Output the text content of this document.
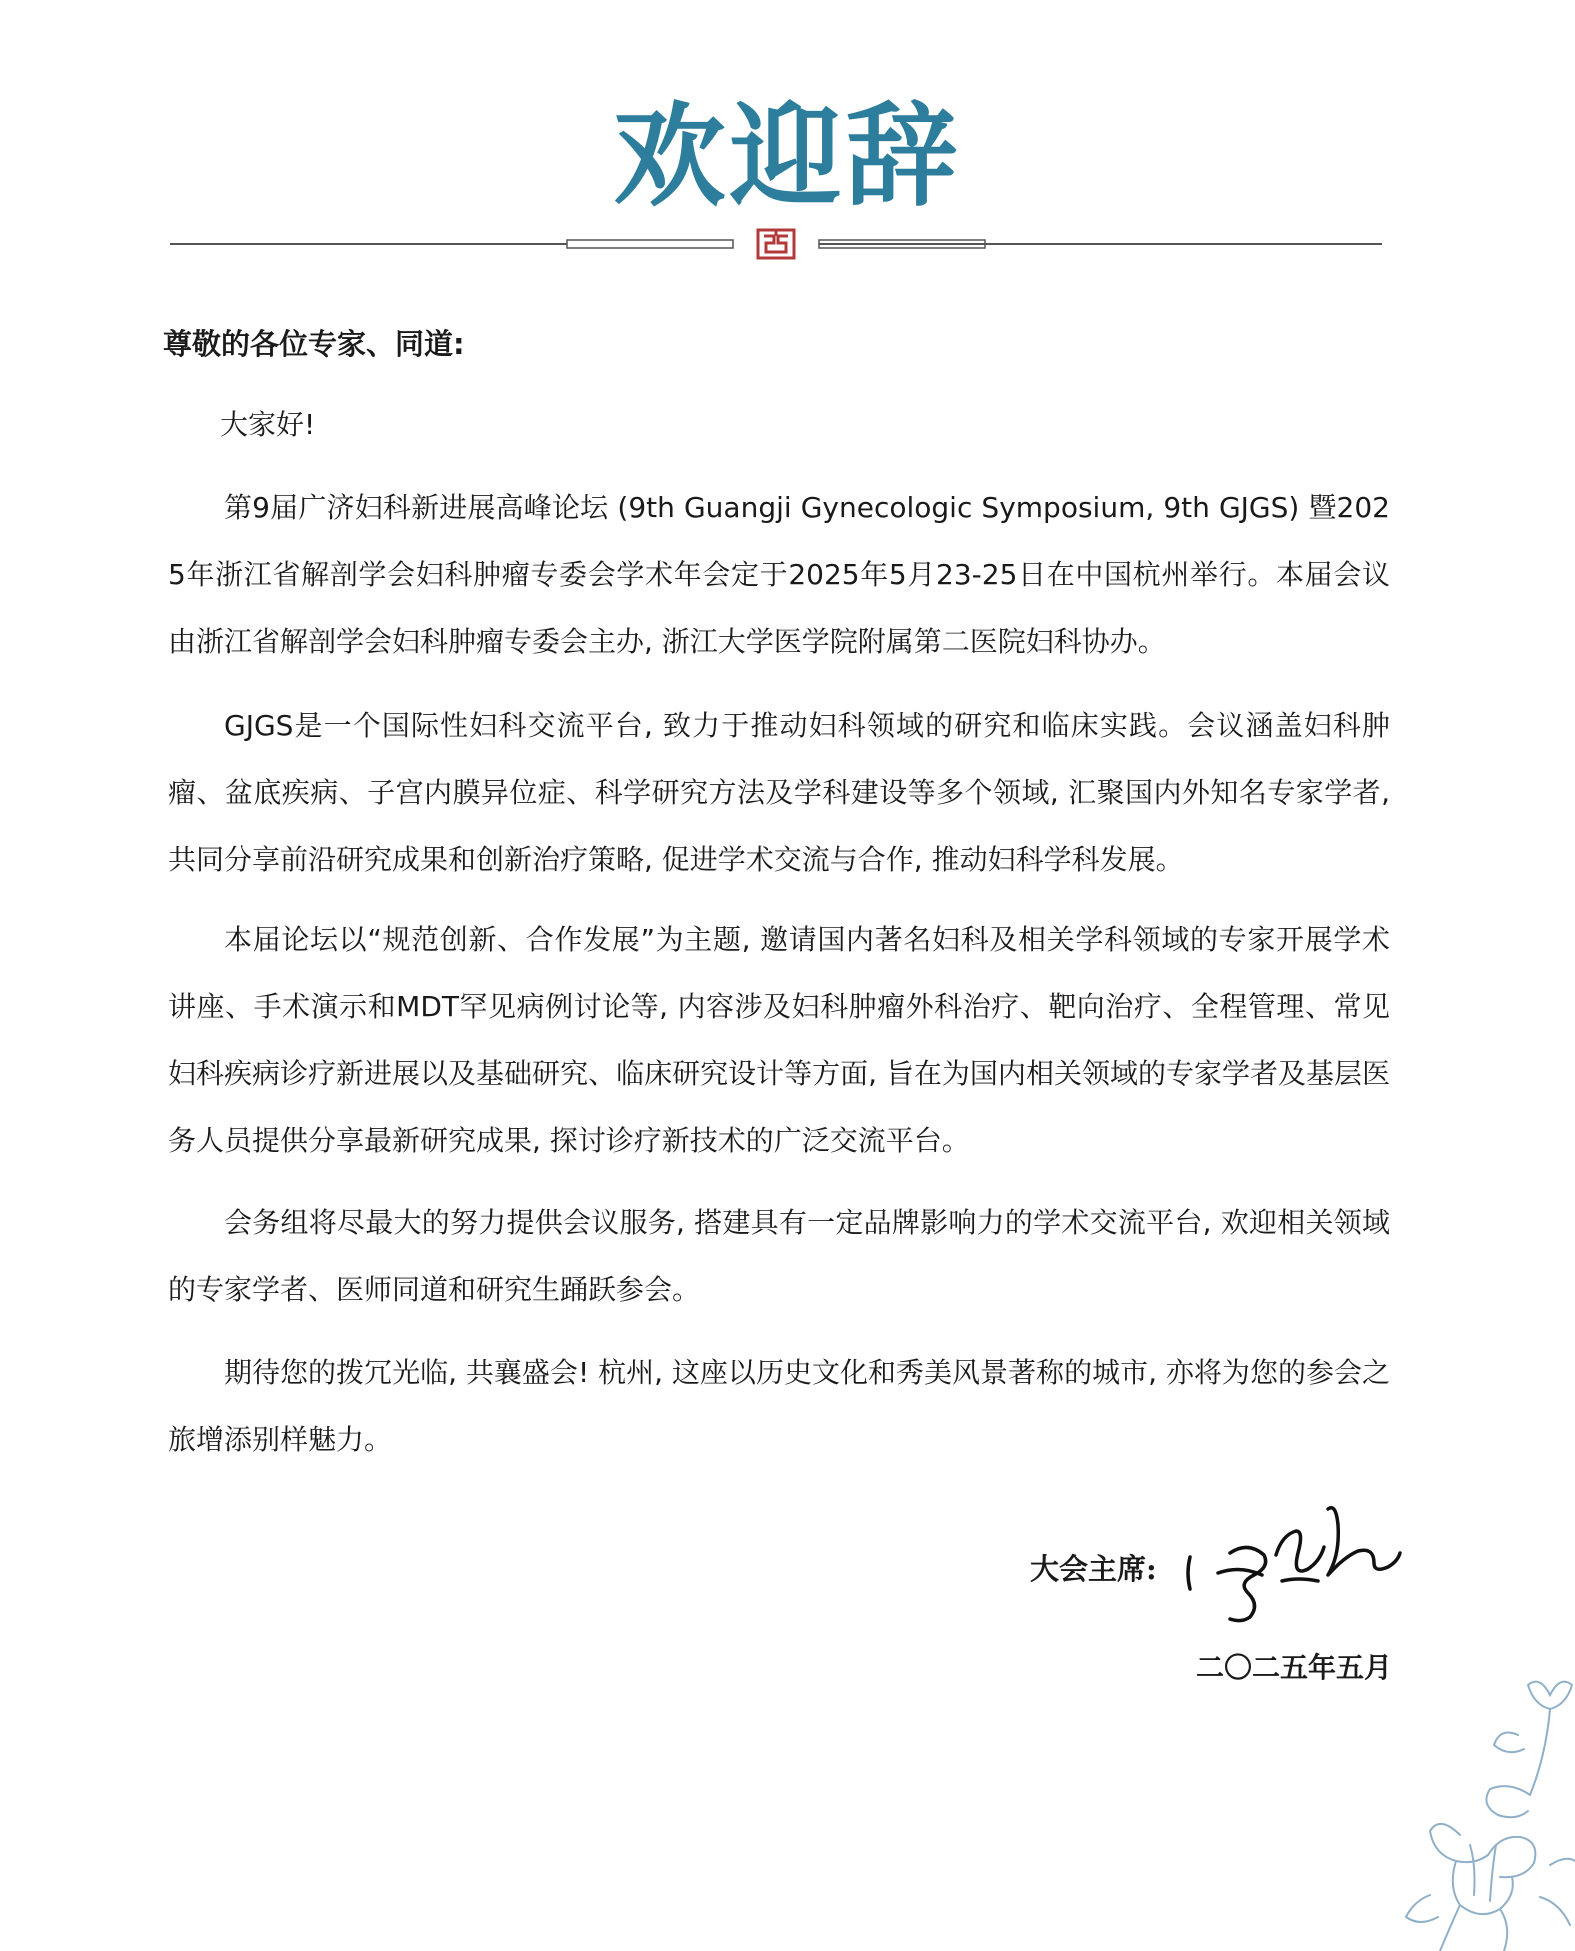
欢迎辞

尊敬的各位专家、同道:

大家好!

第9届广济妇科新进展高峰论坛 (9th Guangji Gynecologic Symposium, 9th GJGS) 暨2025年浙江省解剖学会妇科肿瘤专委会学术年会定于2025年5月23-25日在中国杭州举行。本届会议由浙江省解剖学会妇科肿瘤专委会主办, 浙江大学医学院附属第二医院妇科协办。

GJGS是一个国际性妇科交流平台, 致力于推动妇科领域的研究和临床实践。会议涵盖妇科肿瘤、盆底疾病、子宫内膜异位症、科学研究方法及学科建设等多个领域, 汇聚国内外知名专家学者, 共同分享前沿研究成果和创新治疗策略, 促进学术交流与合作, 推动妇科学科发展。

本届论坛以“规范创新、合作发展”为主题, 邀请国内著名妇科及相关学科领域的专家开展学术讲座、手术演示和MDT罕见病例讨论等, 内容涉及妇科肿瘤外科治疗、靶向治疗、全程管理、常见妇科疾病诊疗新进展以及基础研究、临床研究设计等方面, 旨在为国内相关领域的专家学者及基层医务人员提供分享最新研究成果, 探讨诊疗新技术的广泛交流平台。

会务组将尽最大的努力提供会议服务, 搭建具有一定品牌影响力的学术交流平台, 欢迎相关领域的专家学者、医师同道和研究生踊跃参会。

期待您的拨冗光临, 共襄盛会! 杭州, 这座以历史文化和秀美风景著称的城市, 亦将为您的参会之旅增添别样魅力。

大会主席:

二〇二五年五月
